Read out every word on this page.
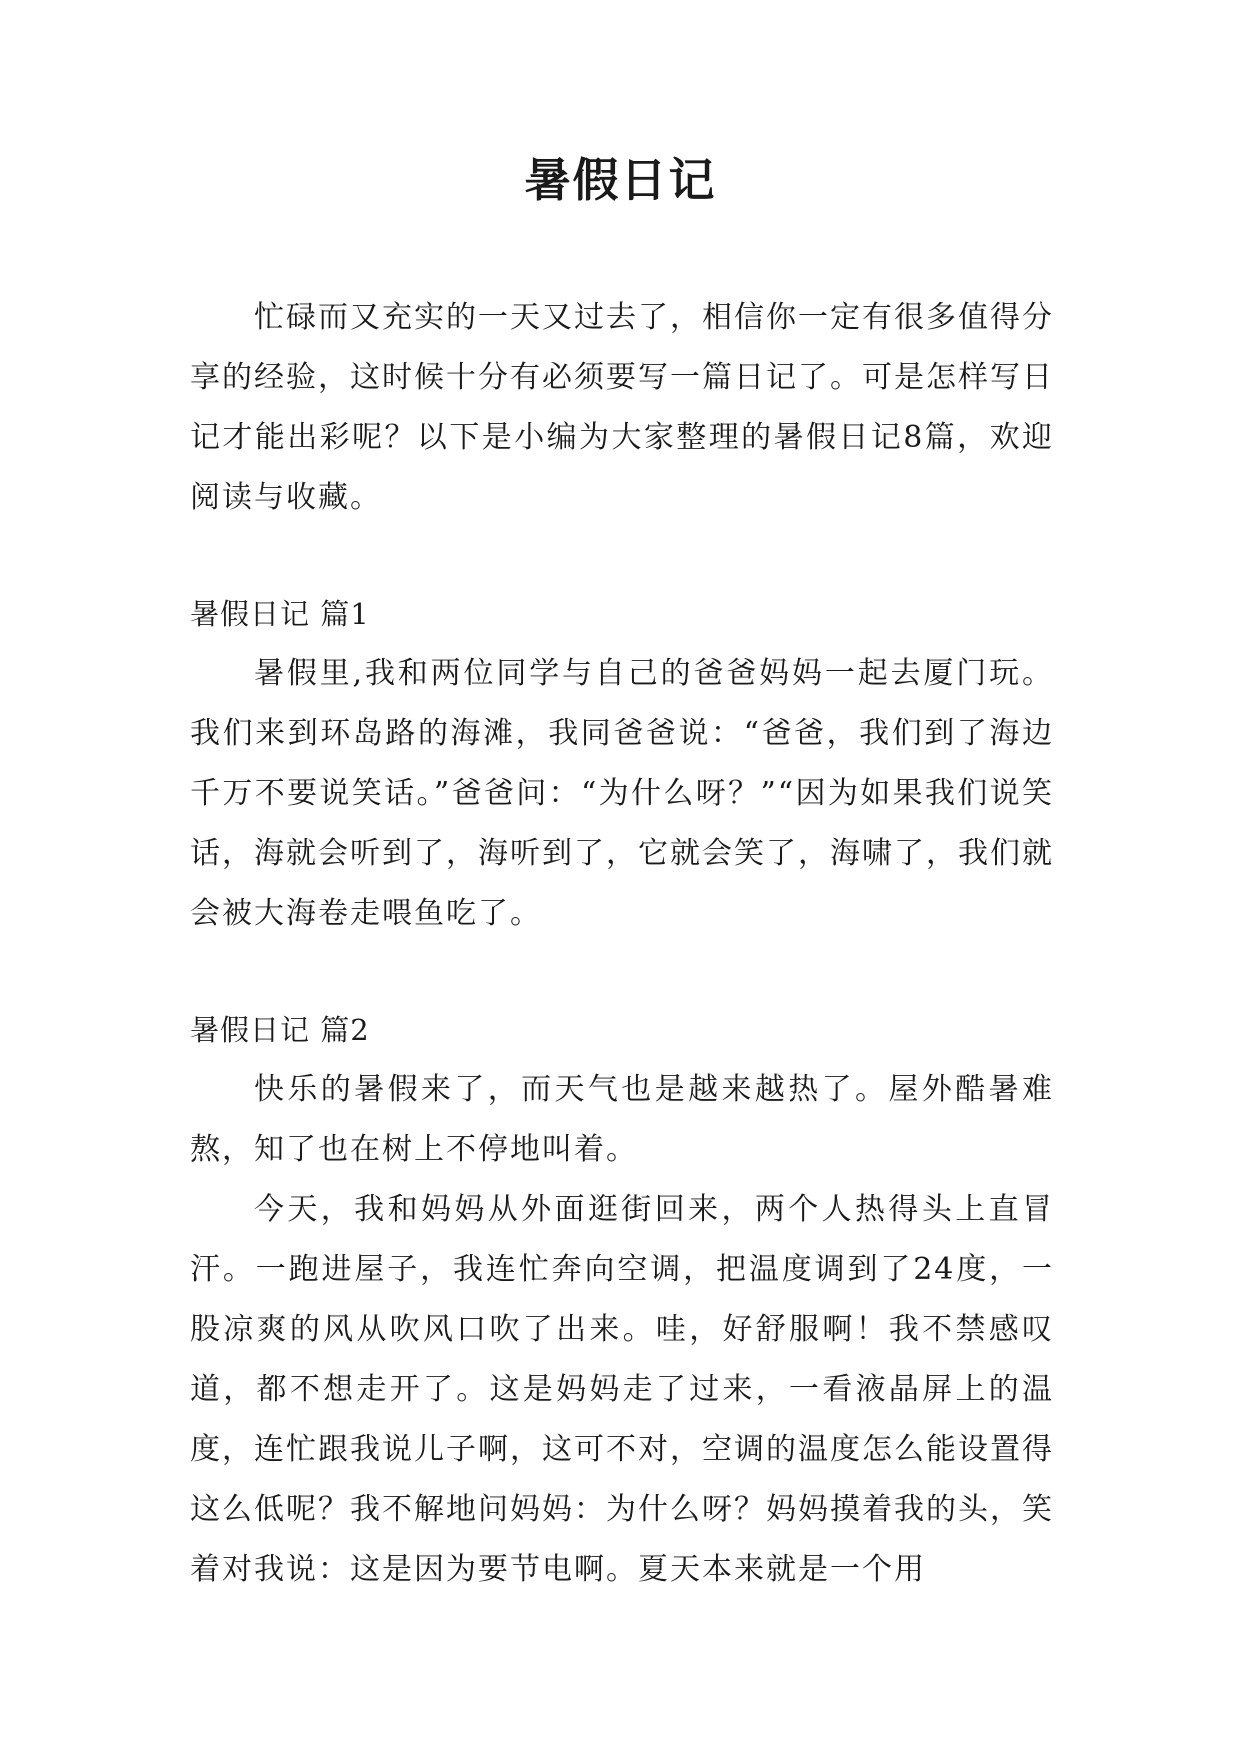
暑假日记

忙碌而又充实的一天又过去了，相信你一定有很多值得分享的经验，这时候十分有必须要写一篇日记了。可是怎样写日记才能出彩呢？以下是小编为大家整理的暑假日记8篇，欢迎阅读与收藏。

暑假日记 篇1

暑假里,我和两位同学与自己的爸爸妈妈一起去厦门玩。我们来到环岛路的海滩，我同爸爸说：“爸爸，我们到了海边千万不要说笑话。”爸爸问：“为什么呀？”“因为如果我们说笑话，海就会听到了，海听到了，它就会笑了，海啸了，我们就会被大海卷走喂鱼吃了。

暑假日记 篇2

快乐的暑假来了，而天气也是越来越热了。屋外酷暑难熬，知了也在树上不停地叫着。

今天，我和妈妈从外面逛街回来，两个人热得头上直冒汗。一跑进屋子，我连忙奔向空调，把温度调到了24度，一股凉爽的风从吹风口吹了出来。哇，好舒服啊！我不禁感叹道，都不想走开了。这是妈妈走了过来，一看液晶屏上的温度，连忙跟我说儿子啊，这可不对，空调的温度怎么能设置得这么低呢？我不解地问妈妈：为什么呀？妈妈摸着我的头，笑着对我说：这是因为要节电啊。夏天本来就是一个用
